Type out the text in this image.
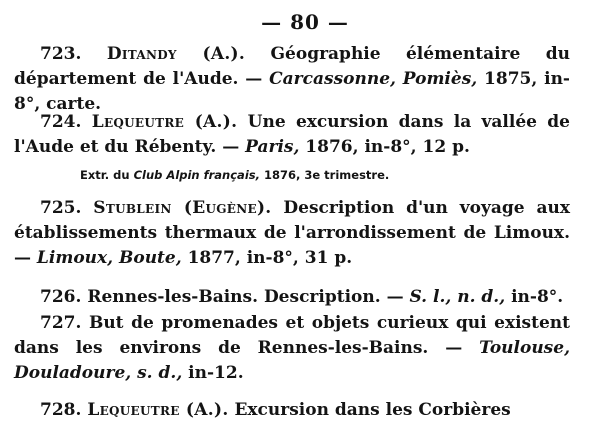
— 80 —
723. Ditandy (A.). Géographie élémentaire du département de l'Aude. — Carcassonne, Pomiès, 1875, in-8°, carte.
724. Lequeutre (A.). Une excursion dans la vallée de l'Aude et du Rébenty. — Paris, 1876, in-8°, 12 p.
Extr. du Club Alpin français, 1876, 3e trimestre.
725. Stublein (Eugène). Description d'un voyage aux établissements thermaux de l'arrondissement de Limoux. — Limoux, Boute, 1877, in-8°, 31 p.
726. Rennes-les-Bains. Description. — S. l., n. d., in-8°.
727. But de promenades et objets curieux qui existent dans les environs de Rennes-les-Bains. — Toulouse, Douladoure, s. d., in-12.
728. Lequeutre (A.). Excursion dans les Corbières
